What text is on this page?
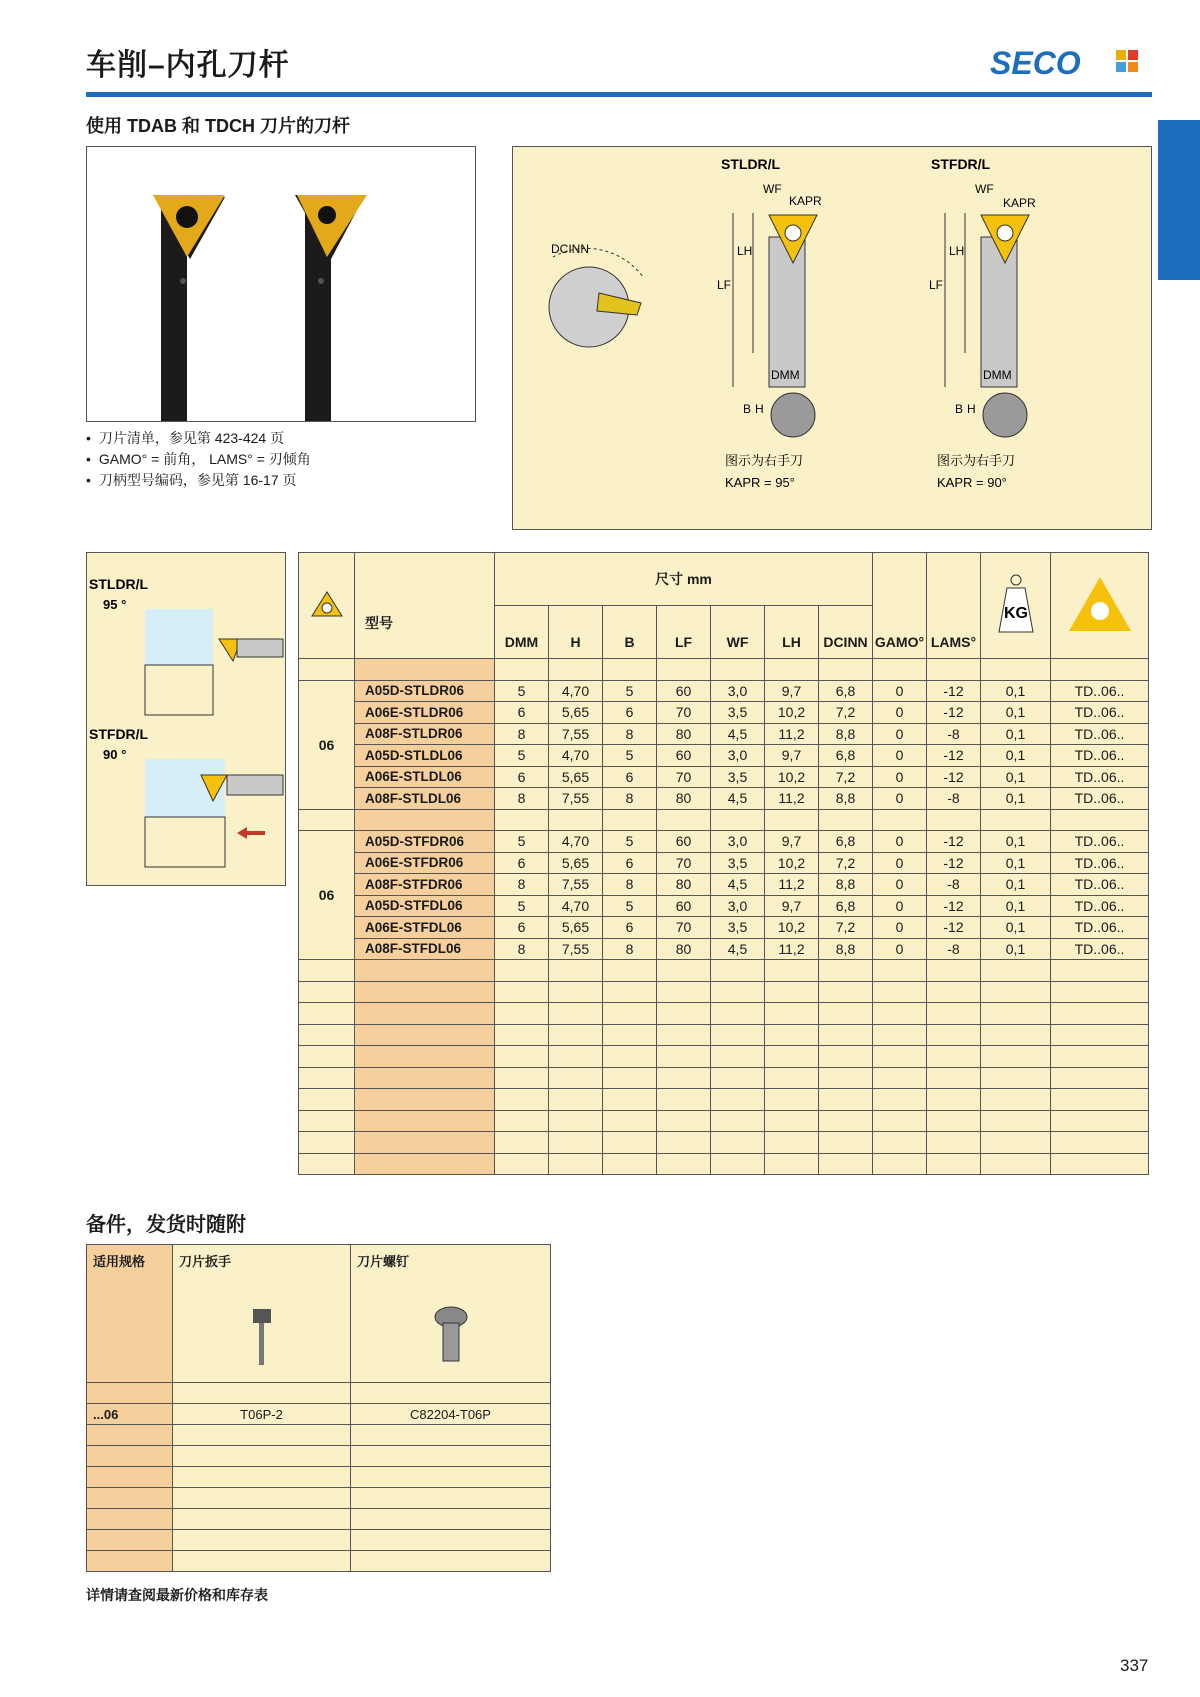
车削–内孔刀杆	SECO
使用 TDAB 和 TDCH 刀片的刀杆
• 刀片清单，参见第 423-424 页
• GAMO° = 前角， LAMS° = 刃倾角
• 刀柄型号编码，参见第 16-17 页
STLDR/L	STFDR/L
DCINN	LH
LF
WF
KAPR
DMM
B H
图示为右手刀
KAPR = 95°
LH
LF
WF
KAPR
DMM
B H
图示为右手刀
KAPR = 90°
STLDR/L
95 °
STFDR/L
90 °
	型号	尺寸 mm							GAMO°	LAMS°	KG

		DMM	H	B	LF	WF	LH	DCINN				

06	A05D-STLDR06	5	4,70	5	60	3,0	9,7	6,8	0	-12	0,1	TD..06..
	A06E-STLDR06	6	5,65	6	70	3,5	10,2	7,2	0	-12	0,1	TD..06..
	A08F-STLDR06	8	7,55	8	80	4,5	11,2	8,8	0	-8	0,1	TD..06..
	A05D-STLDL06	5	4,70	5	60	3,0	9,7	6,8	0	-12	0,1	TD..06..
	A06E-STLDL06	6	5,65	6	70	3,5	10,2	7,2	0	-12	0,1	TD..06..
	A08F-STLDL06	8	7,55	8	80	4,5	11,2	8,8	0	-8	0,1	TD..06..

06	A05D-STFDR06	5	4,70	5	60	3,0	9,7	6,8	0	-12	0,1	TD..06..
	A06E-STFDR06	6	5,65	6	70	3,5	10,2	7,2	0	-12	0,1	TD..06..
	A08F-STFDR06	8	7,55	8	80	4,5	11,2	8,8	0	-8	0,1	TD..06..
	A05D-STFDL06	5	4,70	5	60	3,0	9,7	6,8	0	-12	0,1	TD..06..
	A06E-STFDL06	6	5,65	6	70	3,5	10,2	7,2	0	-12	0,1	TD..06..
	A08F-STFDL06	8	7,55	8	80	4,5	11,2	8,8	0	-8	0,1	TD..06..

备件，发货时随附
适用规格	刀片扳手	刀片螺钉

...06	T06P-2	C82204-T06P

详情请查阅最新价格和库存表
337
